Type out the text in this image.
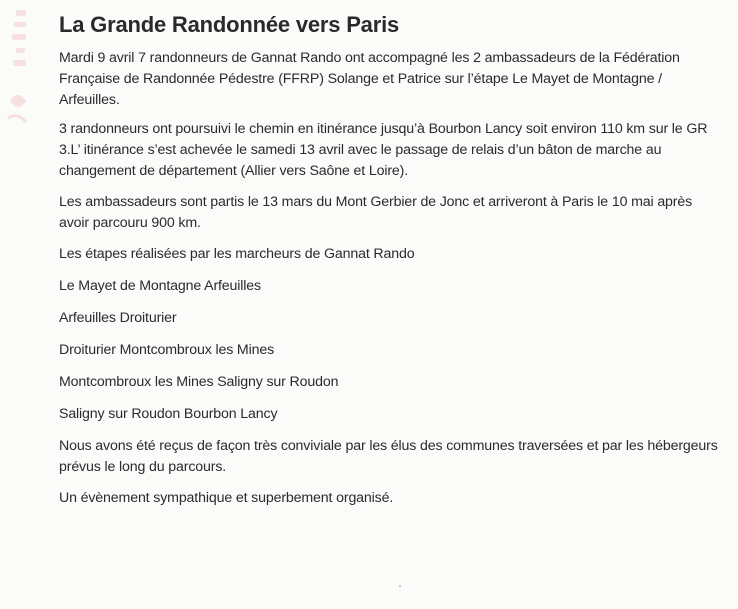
La Grande Randonnée vers Paris

Mardi 9 avril 7 randonneurs de Gannat Rando ont accompagné les 2 ambassadeurs de la Fédération Française de Randonnée Pédestre (FFRP) Solange et Patrice sur l’étape Le Mayet de Montagne / Arfeuilles.

3 randonneurs ont poursuivi le chemin en itinérance jusqu’à Bourbon Lancy soit environ 110 km sur le GR 3.L’ itinérance s’est achevée le samedi 13 avril avec le passage de relais d’un bâton de marche au changement de département (Allier vers Saône et Loire).

Les ambassadeurs sont partis le 13 mars du Mont Gerbier de Jonc et arriveront à Paris le 10 mai après avoir parcouru 900 km.

Les étapes réalisées par les marcheurs de Gannat Rando

Le Mayet de Montagne Arfeuilles

Arfeuilles Droiturier

Droiturier Montcombroux les Mines

Montcombroux les Mines Saligny sur Roudon

Saligny sur Roudon Bourbon Lancy

Nous avons été reçus de façon très conviviale par les élus des communes traversées et par les hébergeurs prévus le long du parcours.

Un évènement sympathique et superbement organisé.
